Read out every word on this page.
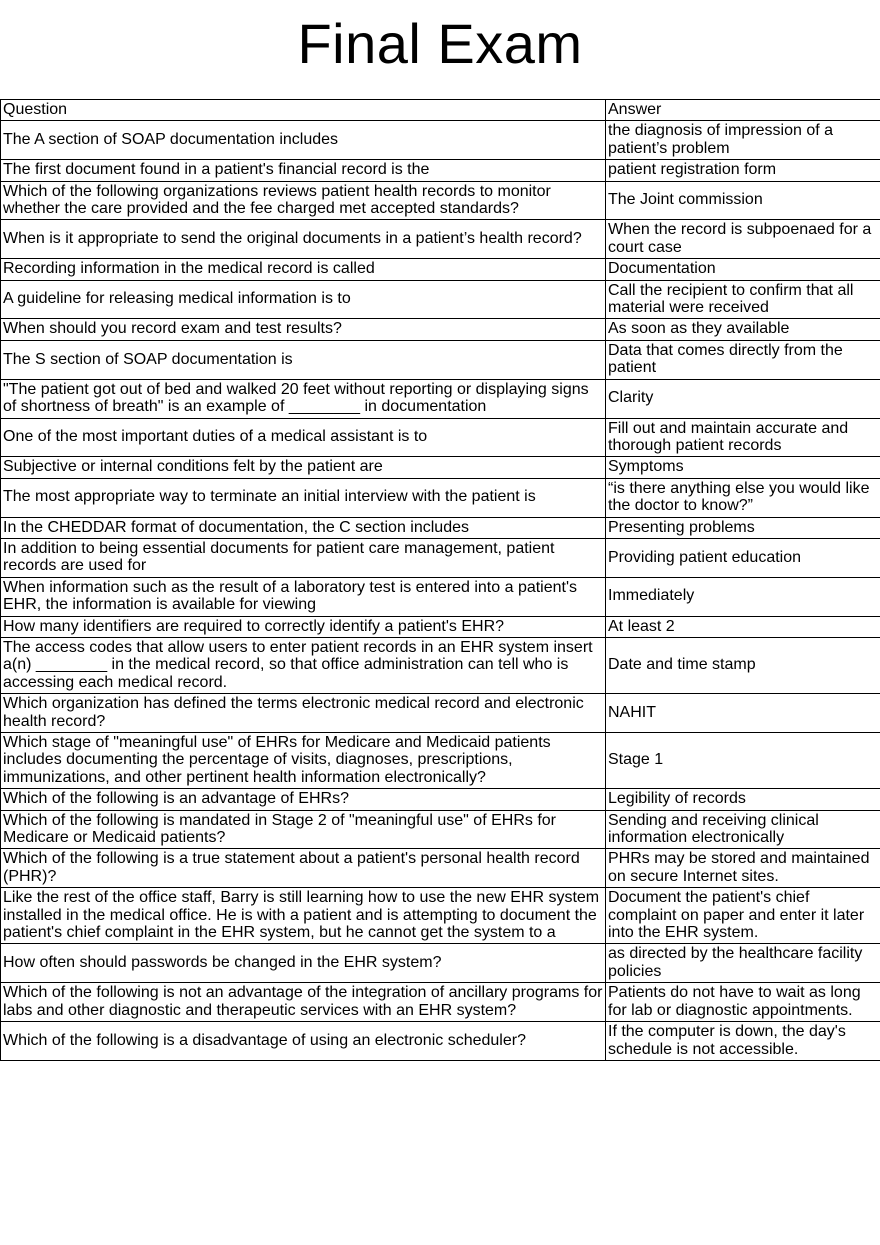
Final Exam
Question	Answer
The A section of SOAP documentation includes	the diagnosis of impression of a patient’s problem
The first document found in a patient's financial record is the	patient registration form
Which of the following organizations reviews patient health records to monitor whether the care provided and the fee charged met accepted standards?	The Joint commission
When is it appropriate to send the original documents in a patient’s health record?	When the record is subpoenaed for a court case
Recording information in the medical record is called	Documentation
A guideline for releasing medical information is to	Call the recipient to confirm that all material were received
When should you record exam and test results?	As soon as they available
The S section of SOAP documentation is	Data that comes directly from the patient
"The patient got out of bed and walked 20 feet without reporting or displaying signs of shortness of breath" is an example of ________ in documentation	Clarity
One of the most important duties of a medical assistant is to	Fill out and maintain accurate and thorough patient records
Subjective or internal conditions felt by the patient are	Symptoms
The most appropriate way to terminate an initial interview with the patient is	“is there anything else you would like the doctor to know?”
In the CHEDDAR format of documentation, the C section includes	Presenting problems
In addition to being essential documents for patient care management, patient records are used for	Providing patient education
When information such as the result of a laboratory test is entered into a patient's EHR, the information is available for viewing	Immediately
How many identifiers are required to correctly identify a patient's EHR?	At least 2
The access codes that allow users to enter patient records in an EHR system insert a(n) ________ in the medical record, so that office administration can tell who is accessing each medical record.	Date and time stamp
Which organization has defined the terms electronic medical record and electronic health record?	NAHIT
Which stage of "meaningful use" of EHRs for Medicare and Medicaid patients includes documenting the percentage of visits, diagnoses, prescriptions, immunizations, and other pertinent health information electronically?	Stage 1
Which of the following is an advantage of EHRs?	Legibility of records
Which of the following is mandated in Stage 2 of "meaningful use" of EHRs for Medicare or Medicaid patients?	Sending and receiving clinical information electronically
Which of the following is a true statement about a patient's personal health record (PHR)?	PHRs may be stored and maintained on secure Internet sites.
Like the rest of the office staff, Barry is still learning how to use the new EHR system installed in the medical office. He is with a patient and is attempting to document the patient's chief complaint in the EHR system, but he cannot get the system to a	Document the patient's chief complaint on paper and enter it later into the EHR system.
How often should passwords be changed in the EHR system?	as directed by the healthcare facility policies
Which of the following is not an advantage of the integration of ancillary programs for labs and other diagnostic and therapeutic services with an EHR system?	Patients do not have to wait as long for lab or diagnostic appointments.
Which of the following is a disadvantage of using an electronic scheduler?	If the computer is down, the day's schedule is not accessible.
